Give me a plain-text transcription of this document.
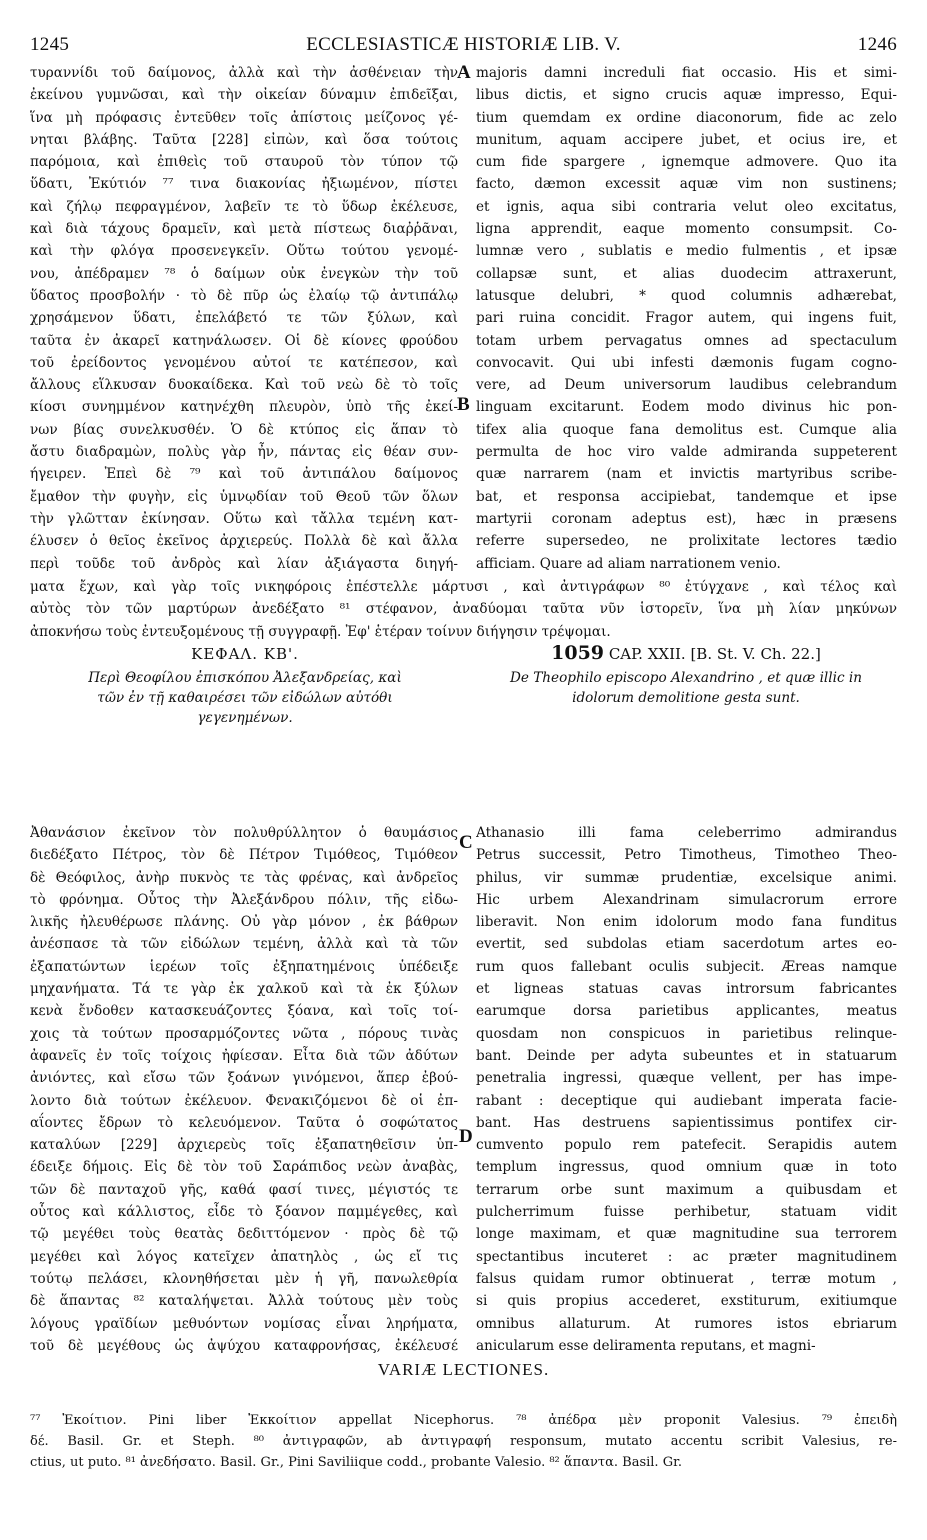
1245	ECCLESIASTICÆ HISTORIÆ LIB. V.	1246
τυραννίδι τοῦ δαίμονος, ἀλλὰ καὶ τὴν ἀσθένειαν τὴν
ἐκείνου γυμνῶσαι, καὶ τὴν οἰκείαν δύναμιν ἐπιδεῖξαι,
ἵνα μὴ πρόφασις ἐντεῦθεν τοῖς ἀπίστοις μείζονος γέ-
νηται βλάβης. Ταῦτα [228] εἰπὼν, καὶ ὅσα τούτοις
παρόμοια, καὶ ἐπιθεὶς τοῦ σταυροῦ τὸν τύπον τῷ
ὕδατι, Ἐκύτιόν ⁷⁷ τινα διακονίας ἠξιωμένον, πίστει
καὶ ζήλῳ πεφραγμένον, λαβεῖν τε τὸ ὕδωρ ἐκέλευσε,
καὶ διὰ τάχους δραμεῖν, καὶ μετὰ πίστεως διαῤῥᾶναι,
καὶ τὴν φλόγα προσενεγκεῖν. Οὕτω τούτου γενομέ-
νου, ἀπέδραμεν ⁷⁸ ὁ δαίμων οὐκ ἐνεγκὼν τὴν τοῦ
ὕδατος προσβολήν · τὸ δὲ πῦρ ὡς ἐλαίῳ τῷ ἀντιπάλῳ
χρησάμενον ὕδατι, ἐπελάβετό τε τῶν ξύλων, καὶ
ταῦτα ἐν ἀκαρεῖ κατηνάλωσεν. Οἱ δὲ κίονες φρούδου
τοῦ ἐρείδοντος γενομένου αὐτοί τε κατέπεσον, καὶ
ἄλλους εἵλκυσαν δυοκαίδεκα. Καὶ τοῦ νεὼ δὲ τὸ τοῖς
κίοσι συνημμένον κατηνέχθη πλευρὸν, ὑπὸ τῆς ἐκεί-
νων βίας συνελκυσθέν. Ὁ δὲ κτύπος εἰς ἅπαν τὸ
ἄστυ διαδραμὼν, πολὺς γὰρ ἦν, πάντας εἰς θέαν συν-
ήγειρεν. Ἐπεὶ δὲ ⁷⁹ καὶ τοῦ ἀντιπάλου δαίμονος
ἔμαθον τὴν φυγὴν, εἰς ὑμνῳδίαν τοῦ Θεοῦ τῶν ὅλων
τὴν γλῶτταν ἐκίνησαν. Οὕτω καὶ τἄλλα τεμένη κατ-
έλυσεν ὁ θεῖος ἐκεῖνος ἀρχιερεύς. Πολλὰ δὲ καὶ ἄλλα
περὶ τοῦδε τοῦ ἀνδρὸς καὶ λίαν ἀξιάγαστα διηγή-
majoris damni increduli fiat occasio. His et simi-
libus dictis, et signo crucis aquæ impresso, Equi-
tium quemdam ex ordine diaconorum, fide ac zelo
munitum, aquam accipere jubet, et ocius ire, et
cum fide spargere , ignemque admovere. Quo ita
facto, dæmon excessit aquæ vim non sustinens;
et ignis, aqua sibi contraria velut oleo excitatus,
ligna apprendit, eaque momento consumpsit. Co-
lumnæ vero , sublatis e medio fulmentis , et ipsæ
collapsæ sunt, et alias duodecim attraxerunt,
latusque delubri, * quod columnis adhærebat,
pari ruina concidit. Fragor autem, qui ingens fuit,
totam urbem pervagatus omnes ad spectaculum
convocavit. Qui ubi infesti dæmonis fugam cogno-
vere, ad Deum universorum laudibus celebrandum
linguam excitarunt. Eodem modo divinus hic pon-
tifex alia quoque fana demolitus est. Cumque alia
permulta de hoc viro valde admiranda suppeterent
quæ narrarem (nam et invictis martyribus scribe-
bat, et responsa accipiebat, tandemque et ipse
martyrii coronam adeptus est), hæc in præsens
referre supersedeo, ne prolixitate lectores tædio
afficiam. Quare ad aliam narrationem venio.
A
B
C
D
ματα ἔχων, καὶ γὰρ τοῖς νικηφόροις ἐπέστελλε μάρτυσι , καὶ ἀντιγράφων ⁸⁰ ἐτύγχανε , καὶ τέλος καὶ
αὐτὸς τὸν τῶν μαρτύρων ἀνεδέξατο ⁸¹ στέφανον, ἀναδύομαι ταῦτα νῦν ἱστορεῖν, ἵνα μὴ λίαν μηκύνων
ἀποκνήσω τοὺς ἐντευξομένους τῇ συγγραφῇ. Ἐφ' ἑτέραν τοίνυν διήγησιν τρέψομαι.
ΚΕΦΑΛ. ΚΒ'.	1059 CAP. XXII. [B. St. V. Ch. 22.]
Περὶ Θεοφίλου ἐπισκόπου Ἀλεξανδρείας, καὶ
τῶν ἐν τῇ καθαιρέσει τῶν εἰδώλων αὐτόθι
γεγενημένων.
De Theophilo episcopo Alexandrino , et quæ illic in
idolorum demolitione gesta sunt.
Ἀθανάσιον ἐκεῖνον τὸν πολυθρύλλητον ὁ θαυμάσιος
διεδέξατο Πέτρος, τὸν δὲ Πέτρον Τιμόθεος, Τιμόθεον
δὲ Θεόφιλος, ἀνὴρ πυκνὸς τε τὰς φρένας, καὶ ἀνδρεῖος
τὸ φρόνημα. Οὗτος τὴν Ἀλεξάνδρου πόλιν, τῆς εἰδω-
λικῆς ἠλευθέρωσε πλάνης. Οὐ γὰρ μόνον , ἐκ βάθρων
ἀνέσπασε τὰ τῶν εἰδώλων τεμένη, ἀλλὰ καὶ τὰ τῶν
ἐξαπατώντων ἱερέων τοῖς ἐξηπατημένοις ὑπέδειξε
μηχανήματα. Τά τε γὰρ ἐκ χαλκοῦ καὶ τὰ ἐκ ξύλων
κενὰ ἔνδοθεν κατασκευάζοντες ξόανα, καὶ τοῖς τοί-
χοις τὰ τούτων προσαρμόζοντες νῶτα , πόρους τινὰς
ἀφανεῖς ἐν τοῖς τοίχοις ἠφίεσαν. Εἶτα διὰ τῶν ἀδύτων
ἀνιόντες, καὶ εἴσω τῶν ξοάνων γινόμενοι, ἅπερ ἐβού-
λοντο διὰ τούτων ἐκέλευον. Φενακιζόμενοι δὲ οἱ ἐπ-
αΐοντες ἔδρων τὸ κελευόμενον. Ταῦτα ὁ σοφώτατος
καταλύων [229] ἀρχιερεὺς τοῖς ἐξαπατηθεῖσιν ὑπ-
έδειξε δήμοις. Εἰς δὲ τὸν τοῦ Σαράπιδος νεὼν ἀναβὰς,
τῶν δὲ πανταχοῦ γῆς, καθά φασί τινες, μέγιστός τε
οὗτος καὶ κάλλιστος, εἶδε τὸ ξόανον παμμέγεθες, καὶ
τῷ μεγέθει τοὺς θεατὰς δεδιττόμενον · πρὸς δὲ τῷ
μεγέθει καὶ λόγος κατεῖχεν ἀπατηλὸς , ὡς εἴ τις
τούτῳ πελάσει, κλονηθήσεται μὲν ἡ γῆ, πανωλεθρία
δὲ ἅπαντας ⁸² καταλήψεται. Ἀλλὰ τούτους μὲν τοὺς
λόγους γραϊδίων μεθυόντων νομίσας εἶναι ληρήματα,
τοῦ δὲ μεγέθους ὡς ἀψύχου καταφρονήσας, ἐκέλευσέ
Athanasio illi fama celeberrimo admirandus
Petrus successit, Petro Timotheus, Timotheo Theo-
philus, vir summæ prudentiæ, excelsique animi.
Hic urbem Alexandrinam simulacrorum errore
liberavit. Non enim idolorum modo fana funditus
evertit, sed subdolas etiam sacerdotum artes eo-
rum quos fallebant oculis subjecit. Æreas namque
et ligneas statuas cavas introrsum fabricantes
earumque dorsa parietibus applicantes, meatus
quosdam non conspicuos in parietibus relinque-
bant. Deinde per adyta subeuntes et in statuarum
penetralia ingressi, quæque vellent, per has impe-
rabant : deceptique qui audiebant imperata facie-
bant. Has destruens sapientissimus pontifex cir-
cumvento populo rem patefecit. Serapidis autem
templum ingressus, quod omnium quæ in toto
terrarum orbe sunt maximum a quibusdam et
pulcherrimum fuisse perhibetur, statuam vidit
longe maximam, et quæ magnitudine sua terrorem
spectantibus incuteret : ac præter magnitudinem
falsus quidam rumor obtinuerat , terræ motum ,
si quis propius accederet, exstiturum, exitiumque
omnibus allaturum. At rumores istos ebriarum
anicularum esse deliramenta reputans, et magni-
VARIÆ LECTIONES.
⁷⁷ Ἐκοίτιον. Pini liber Ἐκκοίτιον appellat Nicephorus. ⁷⁸ ἀπέδρα μὲν proponit Valesius. ⁷⁹ ἐπειδὴ
δέ. Basil. Gr. et Steph. ⁸⁰ ἀντιγραφῶν, ab ἀντιγραφή responsum, mutato accentu scribit Valesius, re-
ctius, ut puto. ⁸¹ ἀνεδήσατο. Basil. Gr., Pini Saviliique codd., probante Valesio. ⁸² ἅπαντα. Basil. Gr.
